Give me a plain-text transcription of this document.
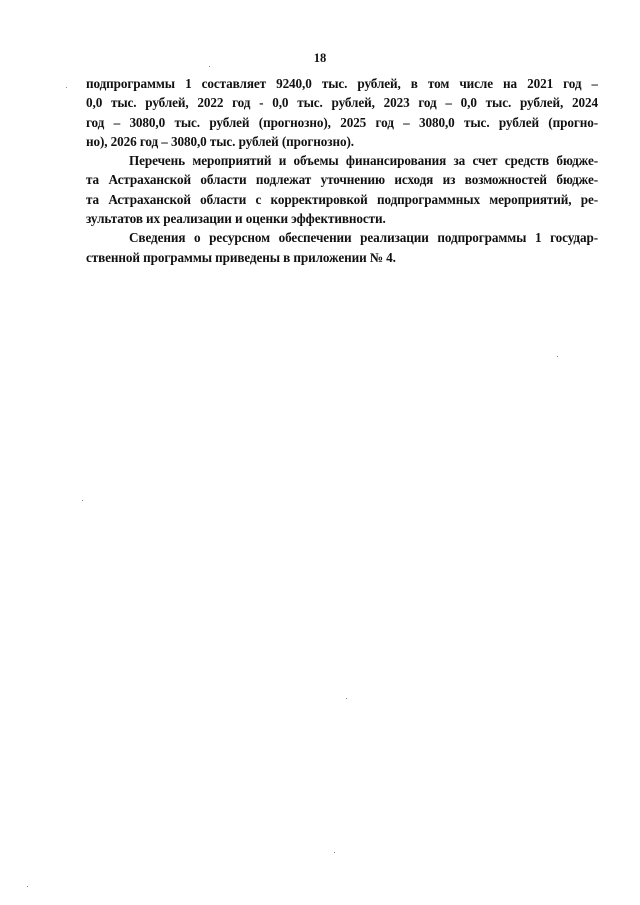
18
подпрограммы 1 составляет 9240,0 тыс. рублей, в том числе на 2021 год –
0,0 тыс. рублей, 2022 год - 0,0 тыс. рублей, 2023 год – 0,0 тыс. рублей, 2024
год – 3080,0 тыс. рублей (прогнозно), 2025 год – 3080,0 тыс. рублей (прогно-
но), 2026 год – 3080,0 тыс. рублей (прогнозно).
Перечень мероприятий и объемы финансирования за счет средств бюдже-
та Астраханской области подлежат уточнению исходя из возможностей бюдже-
та Астраханской области с корректировкой подпрограммных мероприятий, ре-
зультатов их реализации и оценки эффективности.
Сведения о ресурсном обеспечении реализации подпрограммы 1 государ-
ственной программы приведены в приложении № 4.
